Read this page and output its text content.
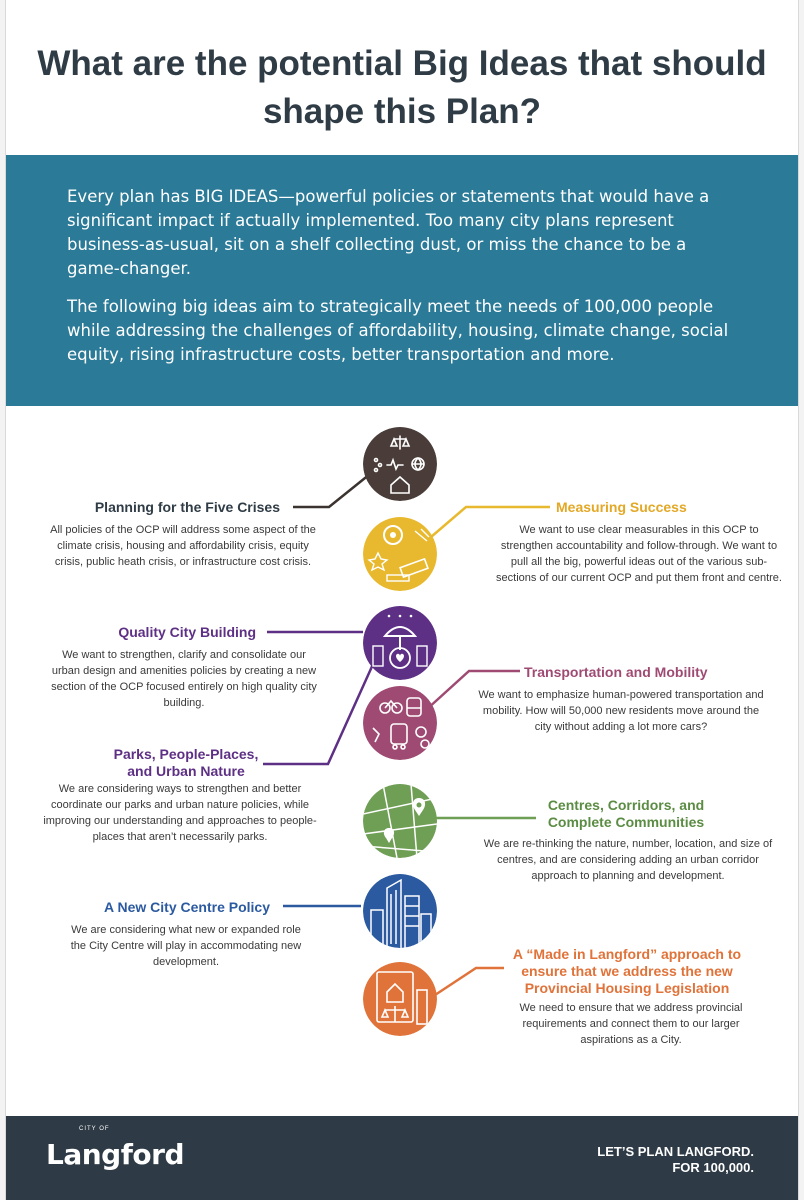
What are the potential Big Ideas that should shape this Plan?

Every plan has BIG IDEAS—powerful policies or statements that would have a significant impact if actually implemented. Too many city plans represent business-as-usual, sit on a shelf collecting dust, or miss the chance to be a game-changer.

The following big ideas aim to strategically meet the needs of 100,000 people while addressing the challenges of affordability, housing, climate change, social equity, rising infrastructure costs, better transportation and more.

Planning for the Five Crises

All policies of the OCP will address some aspect of the climate crisis, housing and affordability crisis, equity crisis, public heath crisis, or infrastructure cost crisis.

Measuring Success

We want to use clear measurables in this OCP to strengthen accountability and follow-through. We want to pull all the big, powerful ideas out of the various sub-sections of our current OCP and put them front and centre.

Quality City Building

We want to strengthen, clarify and consolidate our urban design and amenities policies by creating a new section of the OCP focused entirely on high quality city building.

Transportation and Mobility

We want to emphasize human-powered transportation and mobility. How will 50,000 new residents move around the city without adding a lot more cars?

Parks, People-Places, and Urban Nature

We are considering ways to strengthen and better coordinate our parks and urban nature policies, while improving our understanding and approaches to people-places that aren’t necessarily parks.

Centres, Corridors, and Complete Communities

We are re-thinking the nature, number, location, and size of centres, and are considering adding an urban corridor approach to planning and development.

A New City Centre Policy

We are considering what new or expanded role the City Centre will play in accommodating new development.	A “Made in Langford” approach to ensure that we address the new Provincial Housing Legislation

We need to ensure that we address provincial requirements and connect them to our larger aspirations as a City.

CITY OF
Langford	LET’S PLAN LANGFORD.
FOR 100,000.
